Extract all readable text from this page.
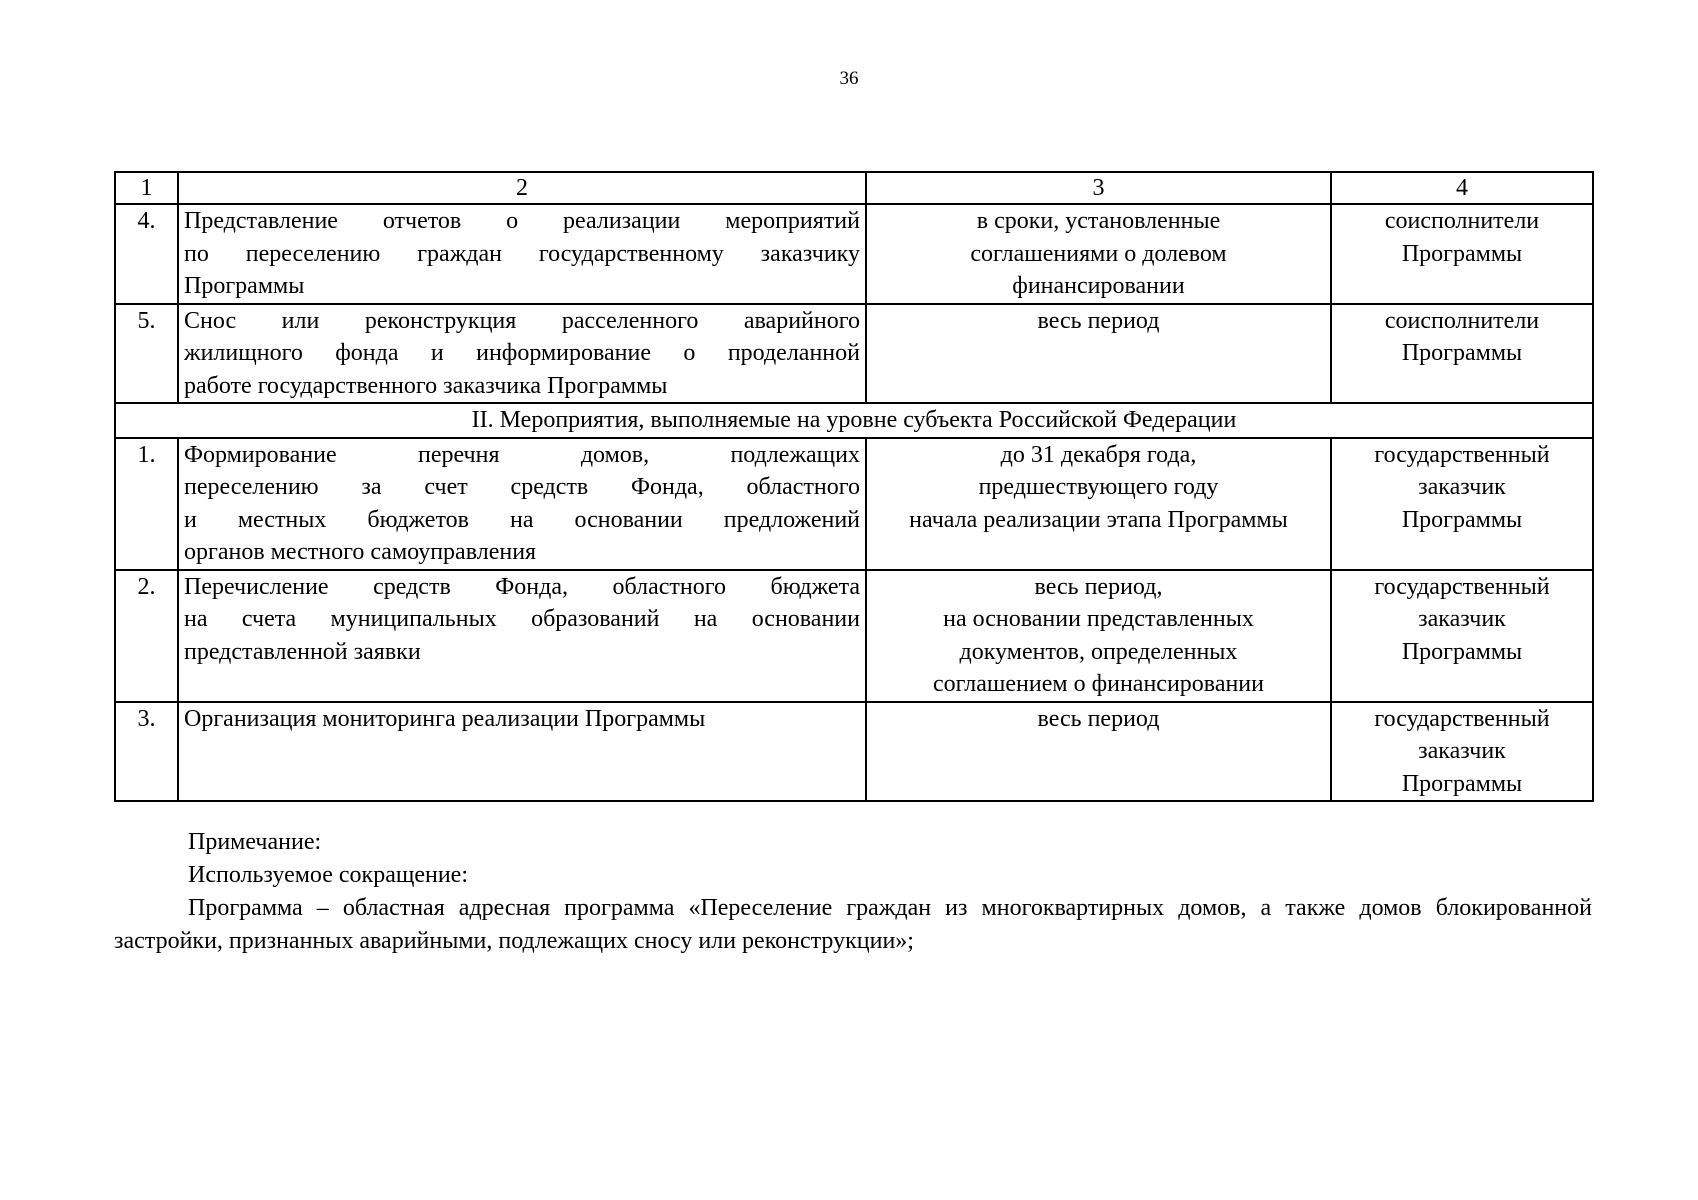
36
1	2	3	4
4.	Представление отчетов о реализации мероприятий
по переселению граждан государственному заказчику
Программы	в сроки, установленные
соглашениями о долевом
финансировании	соисполнители
Программы

5.	Снос или реконструкция расселенного аварийного
жилищного фонда и информирование о проделанной
работе государственного заказчика Программы	весь период	соисполнители
Программы

II. Мероприятия, выполняемые на уровне субъекта Российской Федерации			
1.	Формирование перечня домов, подлежащих
переселению за счет средств Фонда, областного
и местных бюджетов на основании предложений
органов местного самоуправления	до 31 декабря года,
предшествующего году
начала реализации этапа Программы	государственный
заказчик
Программы

2.	Перечисление средств Фонда, областного бюджета
на счета муниципальных образований на основании
представленной заявки	весь период,
на основании представленных
документов, определенных
соглашением о финансировании	государственный
заказчик
Программы

3.	Организация мониторинга реализации Программы	весь период	государственный
заказчик
Программы
Примечание:
Используемое сокращение:
Программа – областная адресная программа «Переселение граждан из многоквартирных домов, а также домов блокированной застройки, признанных аварийными, подлежащих сносу или реконструкции»;
